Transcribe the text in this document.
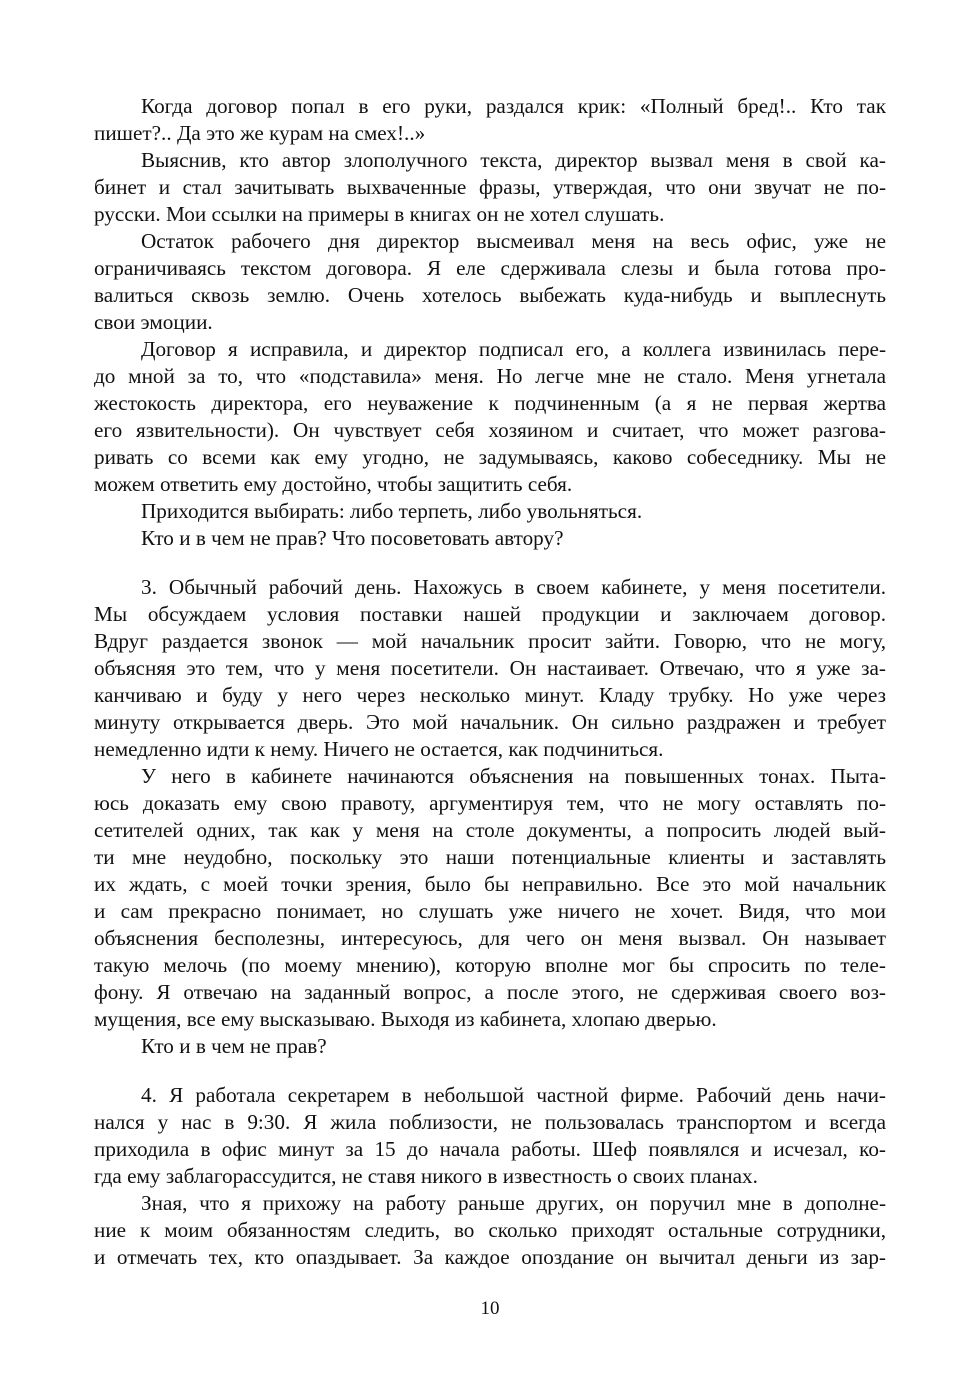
Когда договор попал в его руки, раздался крик: «Полный бред!.. Кто так
пишет?.. Да это же курам на смех!..»
Выяснив, кто автор злополучного текста, директор вызвал меня в свой ка-
бинет и стал зачитывать выхваченные фразы, утверждая, что они звучат не по-
русски. Мои ссылки на примеры в книгах он не хотел слушать.
Остаток рабочего дня директор высмеивал меня на весь офис, уже не
ограничиваясь текстом договора. Я еле сдерживала слезы и была готова про-
валиться сквозь землю. Очень хотелось выбежать куда-нибудь и выплеснуть
свои эмоции.
Договор я исправила, и директор подписал его, а коллега извинилась пере-
до мной за то, что «подставила» меня. Но легче мне не стало. Меня угнетала
жестокость директора, его неуважение к подчиненным (а я не первая жертва
его язвительности). Он чувствует себя хозяином и считает, что может разгова-
ривать со всеми как ему угодно, не задумываясь, каково собеседнику. Мы не
можем ответить ему достойно, чтобы защитить себя.
Приходится выбирать: либо терпеть, либо увольняться.
Кто и в чем не прав? Что посоветовать автору?
3. Обычный рабочий день. Нахожусь в своем кабинете, у меня посетители.
Мы обсуждаем условия поставки нашей продукции и заключаем договор.
Вдруг раздается звонок — мой начальник просит зайти. Говорю, что не могу,
объясняя это тем, что у меня посетители. Он настаивает. Отвечаю, что я уже за-
канчиваю и буду у него через несколько минут. Кладу трубку. Но уже через
минуту открывается дверь. Это мой начальник. Он сильно раздражен и требует
немедленно идти к нему. Ничего не остается, как подчиниться.
У него в кабинете начинаются объяснения на повышенных тонах. Пыта-
юсь доказать ему свою правоту, аргументируя тем, что не могу оставлять по-
сетителей одних, так как у меня на столе документы, а попросить людей вый-
ти мне неудобно, поскольку это наши потенциальные клиенты и заставлять
их ждать, с моей точки зрения, было бы неправильно. Все это мой начальник
и сам прекрасно понимает, но слушать уже ничего не хочет. Видя, что мои
объяснения бесполезны, интересуюсь, для чего он меня вызвал. Он называет
такую мелочь (по моему мнению), которую вполне мог бы спросить по теле-
фону. Я отвечаю на заданный вопрос, а после этого, не сдерживая своего воз-
мущения, все ему высказываю. Выходя из кабинета, хлопаю дверью.
Кто и в чем не прав?
4. Я работала секретарем в небольшой частной фирме. Рабочий день начи-
нался у нас в 9:30. Я жила поблизости, не пользовалась транспортом и всегда
приходила в офис минут за 15 до начала работы. Шеф появлялся и исчезал, ко-
гда ему заблагорассудится, не ставя никого в известность о своих планах.
Зная, что я прихожу на работу раньше других, он поручил мне в дополне-
ние к моим обязанностям следить, во сколько приходят остальные сотрудники,
и отмечать тех, кто опаздывает. За каждое опоздание он вычитал деньги из зар-
10
